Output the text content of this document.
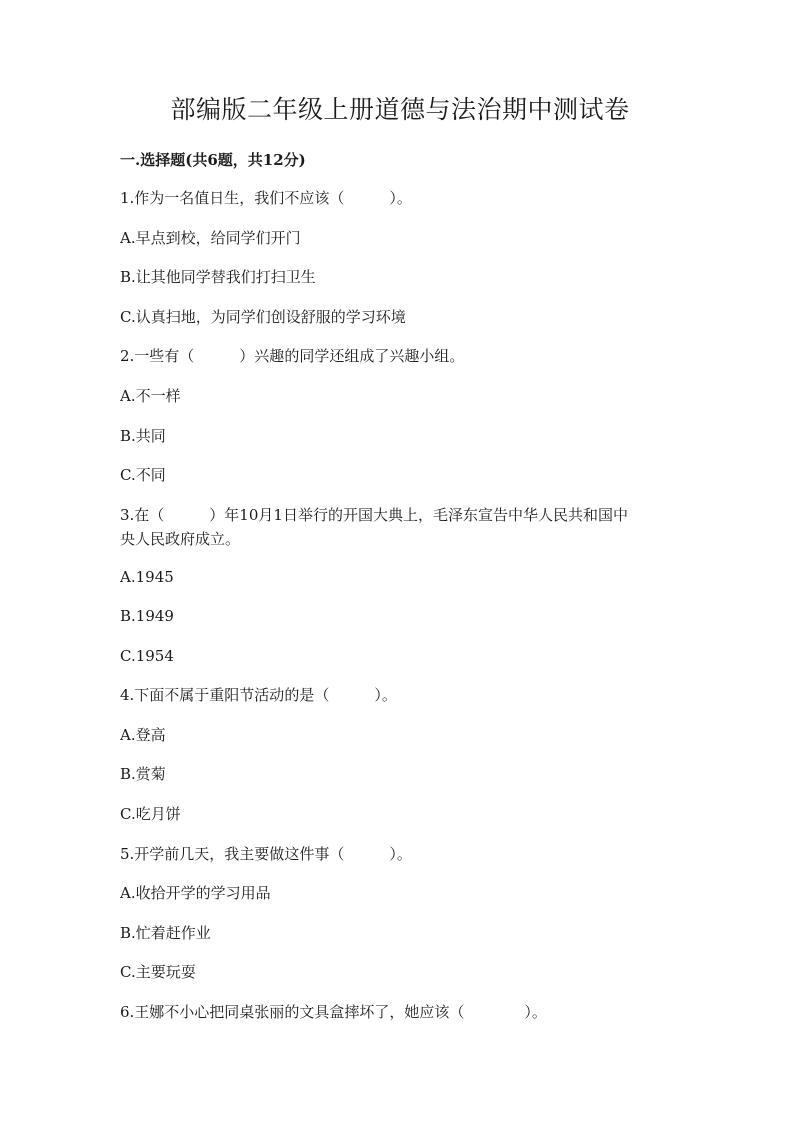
部编版二年级上册道德与法治期中测试卷
一.选择题(共6题，共12分)

1.作为一名值日生，我们不应该（　　　）。

A.早点到校，给同学们开门

B.让其他同学替我们打扫卫生

C.认真扫地，为同学们创设舒服的学习环境

2.一些有（　　　）兴趣的同学还组成了兴趣小组。

A.不一样

B.共同

C.不同

3.在（　　　）年10月1日举行的开国大典上，毛泽东宣告中华人民共和国中

央人民政府成立。

A.1945

B.1949

C.1954

4.下面不属于重阳节活动的是（　　　）。

A.登高

B.赏菊

C.吃月饼

5.开学前几天，我主要做这件事（　　　）。

A.收拾开学的学习用品

B.忙着赶作业

C.主要玩耍

6.王娜不小心把同桌张丽的文具盒摔坏了，她应该（　　　　）。
